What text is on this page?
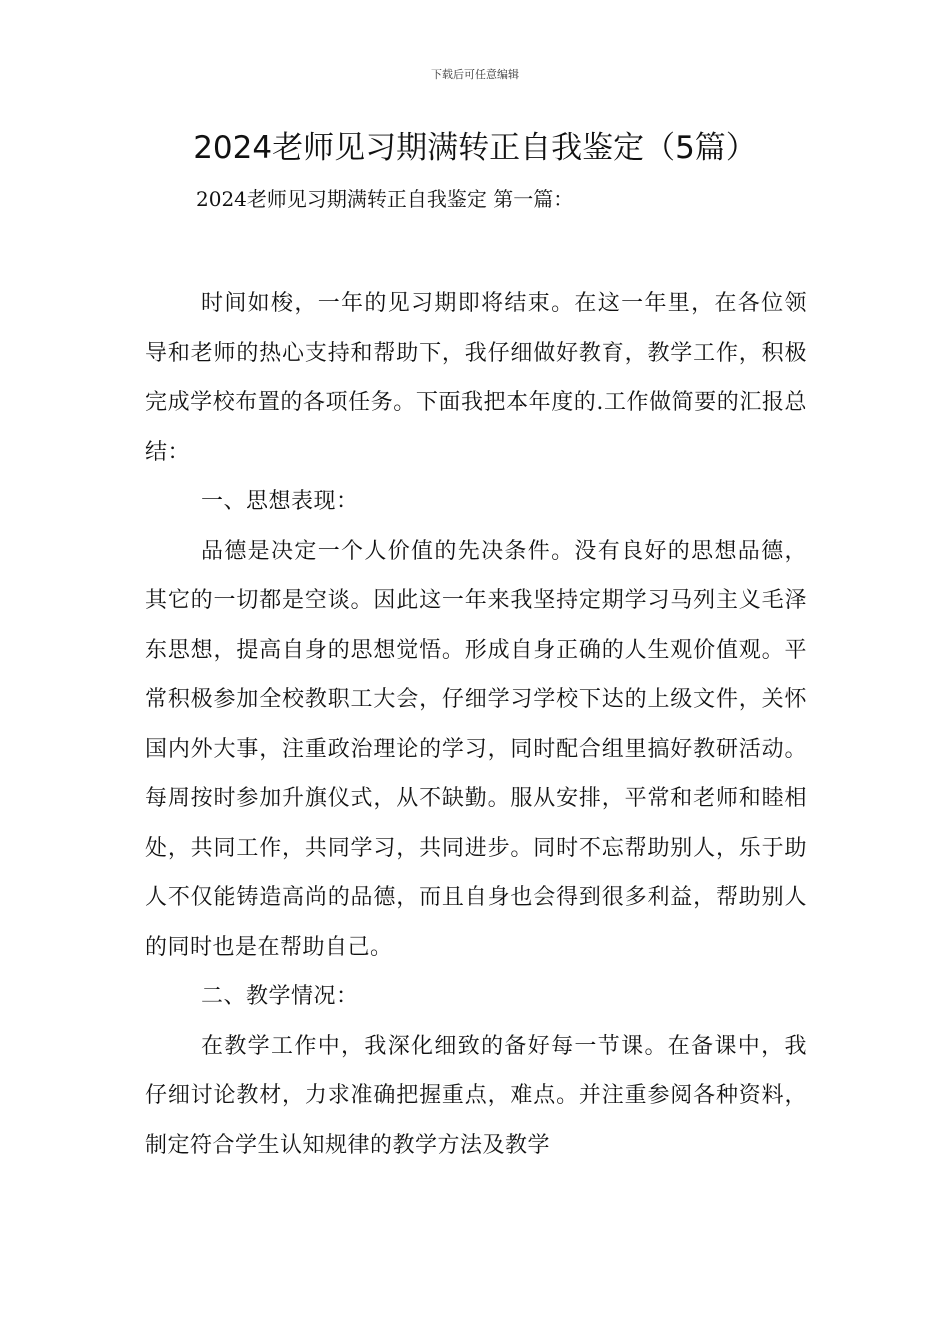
下载后可任意编辑
2024老师见习期满转正自我鉴定（5篇）

2024老师见习期满转正自我鉴定 第一篇：

时间如梭，一年的见习期即将结束。在这一年里，在各位领导和老师的热心支持和帮助下，我仔细做好教育，教学工作，积极完成学校布置的各项任务。下面我把本年度的.工作做简要的汇报总结：

一、思想表现：

品德是决定一个人价值的先决条件。没有良好的思想品德，其它的一切都是空谈。因此这一年来我坚持定期学习马列主义毛泽东思想，提高自身的思想觉悟。形成自身正确的人生观价值观。平常积极参加全校教职工大会，仔细学习学校下达的上级文件，关怀国内外大事，注重政治理论的学习，同时配合组里搞好教研活动。每周按时参加升旗仪式，从不缺勤。服从安排，平常和老师和睦相处，共同工作，共同学习，共同进步。同时不忘帮助别人，乐于助人不仅能铸造高尚的品德，而且自身也会得到很多利益，帮助别人的同时也是在帮助自己。

二、教学情况：

在教学工作中，我深化细致的备好每一节课。在备课中，我仔细讨论教材，力求准确把握重点，难点。并注重参阅各种资料，制定符合学生认知规律的教学方法及教学
